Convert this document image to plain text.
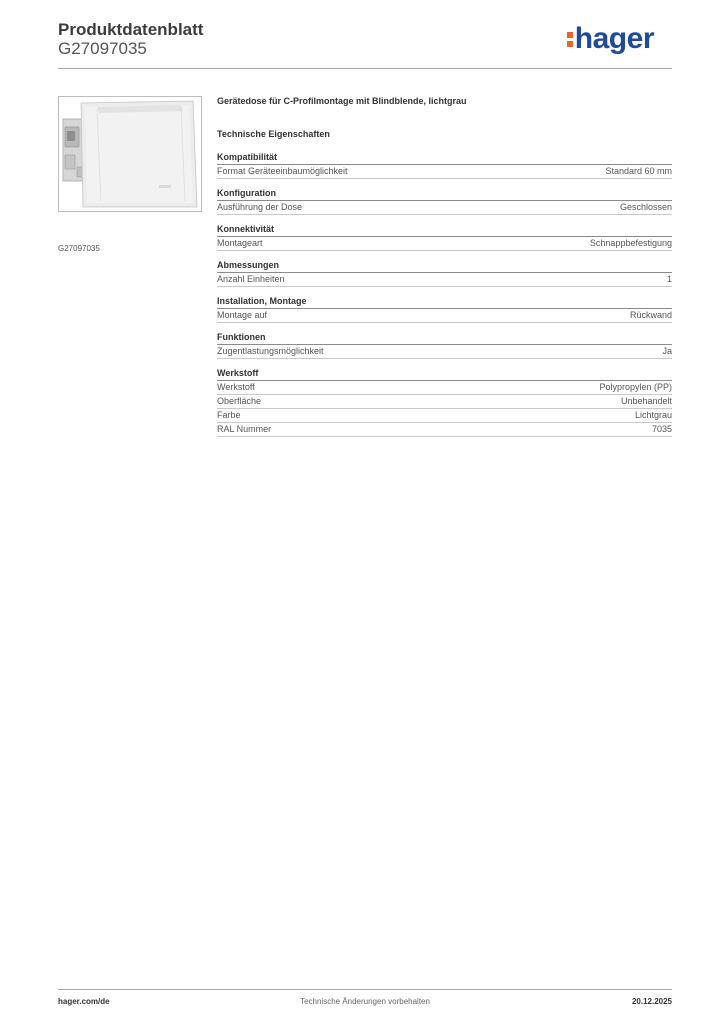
Produktdatenblatt
G27097035	hager
G27097035
Gerätedose für C-Profilmontage mit Blindblende, lichtgrau
Technische Eigenschaften
Kompatibilität
Format Geräteeinbaumöglichkeit	Standard 60 mm
Konfiguration
Ausführung der Dose	Geschlossen
Konnektivität
Montageart	Schnappbefestigung
Abmessungen
Anzahl Einheiten	1
Installation, Montage
Montage auf	Rückwand
Funktionen
Zugentlastungsmöglichkeit	Ja
Werkstoff
Werkstoff	Polypropylen (PP)
Oberfläche	Unbehandelt
Farbe	Lichtgrau
RAL Nummer	7035
hager.com/de	Technische Änderungen vorbehalten	20.12.2025
